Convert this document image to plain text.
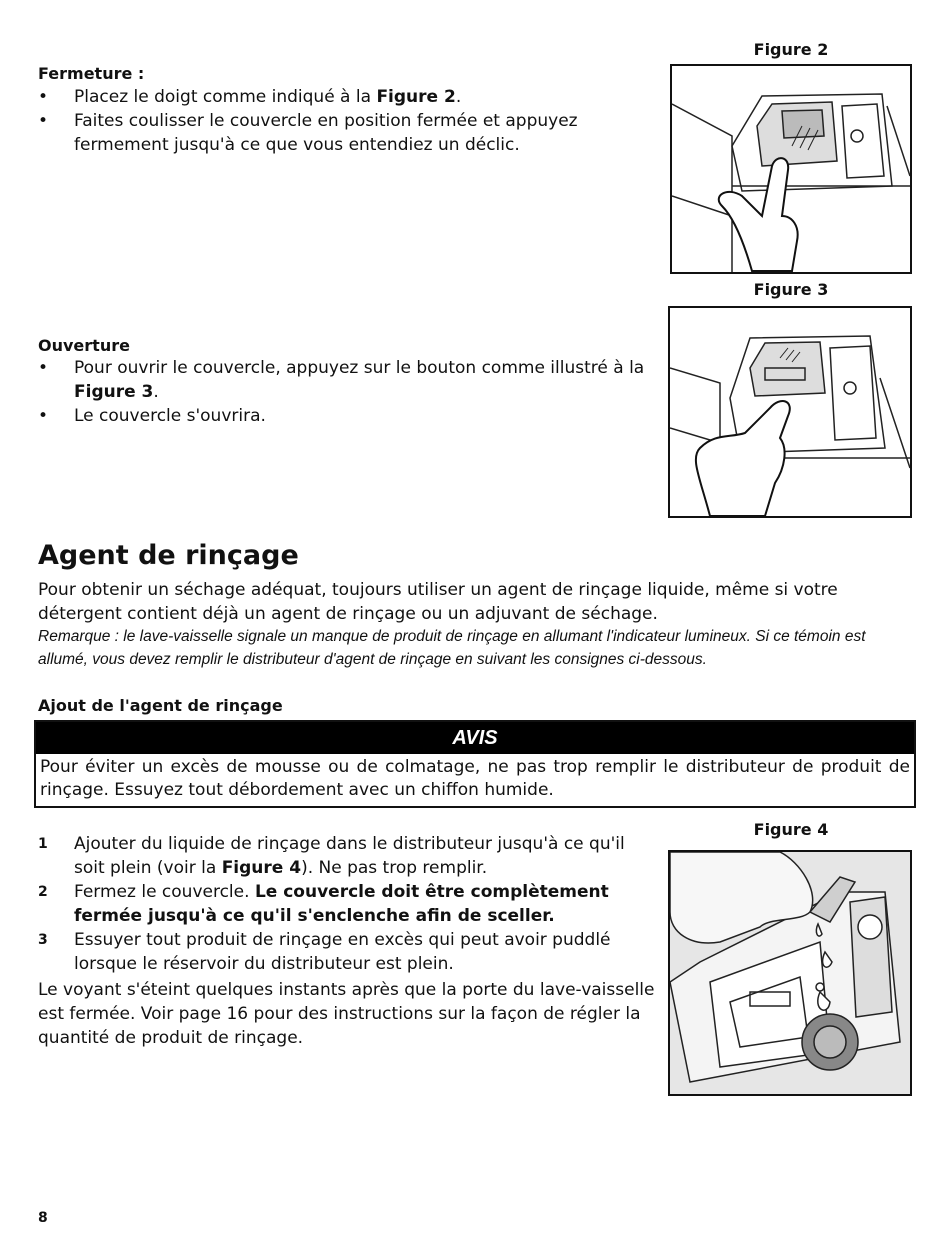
Fermeture :
• Placez le doigt comme indiqué à la Figure 2.
• Faites coulisser le couvercle en position fermée et appuyez fermement jusqu'à ce que vous entendiez un déclic.
Figure 2
Ouverture
• Pour ouvrir le couvercle, appuyez sur le bouton comme illustré à la Figure 3.
• Le couvercle s'ouvrira.
Figure 3
Agent de rinçage
Pour obtenir un séchage adéquat, toujours utiliser un agent de rinçage liquide, même si votre détergent contient déjà un agent de rinçage ou un adjuvant de séchage.
Remarque : le lave-vaisselle signale un manque de produit de rinçage en allumant l'indicateur lumineux. Si ce témoin est allumé, vous devez remplir le distributeur d'agent de rinçage en suivant les consignes ci-dessous.
Ajout de l'agent de rinçage
AVIS
Pour éviter un excès de mousse ou de colmatage, ne pas trop remplir le distributeur de produit de rinçage. Essuyez tout débordement avec un chiffon humide.
1 Ajouter du liquide de rinçage dans le distributeur jusqu'à ce qu'il soit plein (voir la Figure 4). Ne pas trop remplir.
2 Fermez le couvercle. Le couvercle doit être complètement fermée jusqu'à ce qu'il s'enclenche afin de sceller.
3 Essuyer tout produit de rinçage en excès qui peut avoir puddlé lorsque le réservoir du distributeur est plein.
Le voyant s'éteint quelques instants après que la porte du lave-vaisselle est fermée. Voir page 16 pour des instructions sur la façon de régler la quantité de produit de rinçage.
Figure 4
8
